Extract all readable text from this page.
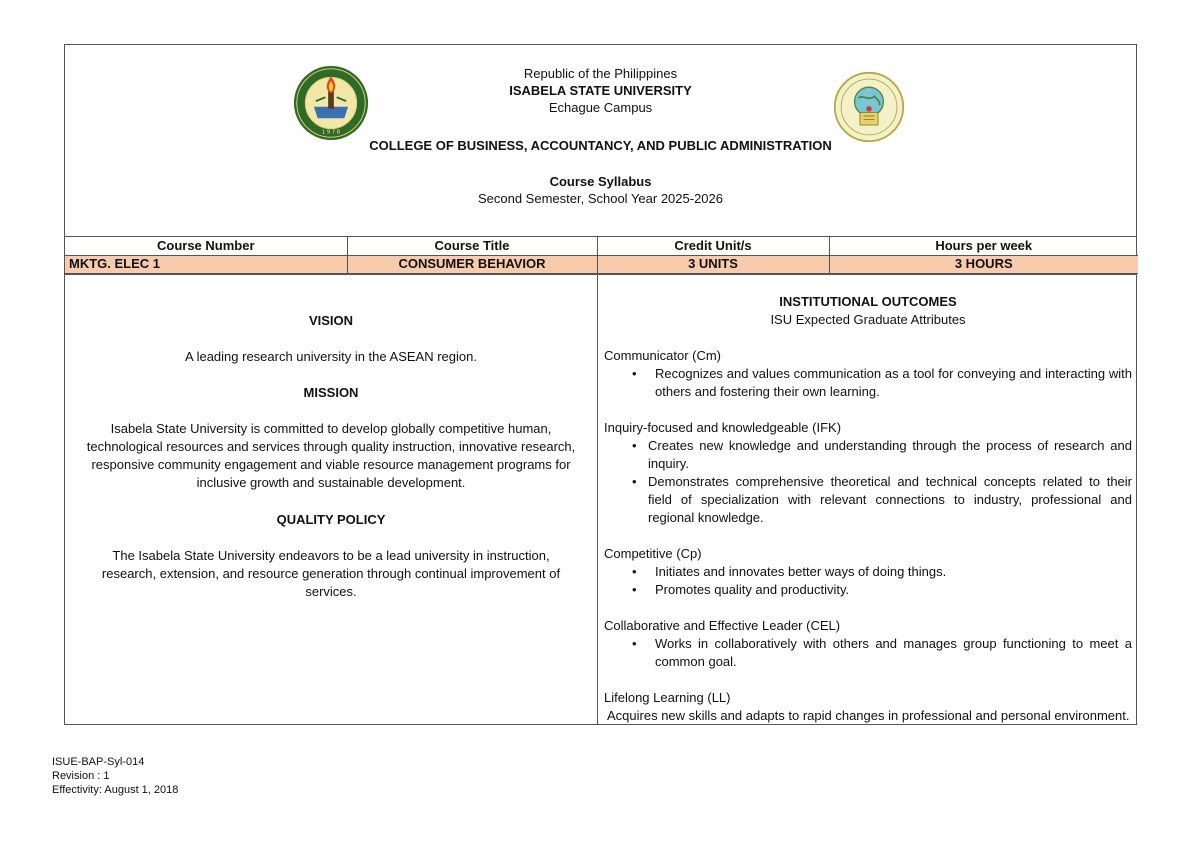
1 9 7 8
Republic of the Philippines
ISABELA STATE UNIVERSITY
Echague Campus
COLLEGE OF BUSINESS, ACCOUNTANCY, AND PUBLIC ADMINISTRATION
Course Syllabus
Second Semester, School Year 2025-2026
Course Number	Course Title	Credit Unit/s	Hours per week
MKTG. ELEC 1	CONSUMER BEHAVIOR	3 UNITS	3 HOURS
VISION
A leading research university in the ASEAN region.
MISSION
Isabela State University is committed to develop globally competitive human, technological resources and services through quality instruction, innovative research, responsive community engagement and viable resource management programs for inclusive growth and sustainable development.
QUALITY POLICY
The Isabela State University endeavors to be a lead university in instruction, research, extension, and resource generation through continual improvement of services.
INSTITUTIONAL OUTCOMES
ISU Expected Graduate Attributes
Communicator (Cm)
• Recognizes and values communication as a tool for conveying and interacting with others and fostering their own learning.
Inquiry-focused and knowledgeable (IFK)
• Creates new knowledge and understanding through the process of research and inquiry.
• Demonstrates comprehensive theoretical and technical concepts related to their field of specialization with relevant connections to industry, professional and regional knowledge.
Competitive (Cp)
• Initiates and innovates better ways of doing things.
• Promotes quality and productivity.
Collaborative and Effective Leader (CEL)
• Works in collaboratively with others and manages group functioning to meet a common goal.
Lifelong Learning (LL)
Acquires new skills and adapts to rapid changes in professional and personal environment.
ISUE-BAP-Syl-014
Revision : 1
Effectivity: August 1, 2018
